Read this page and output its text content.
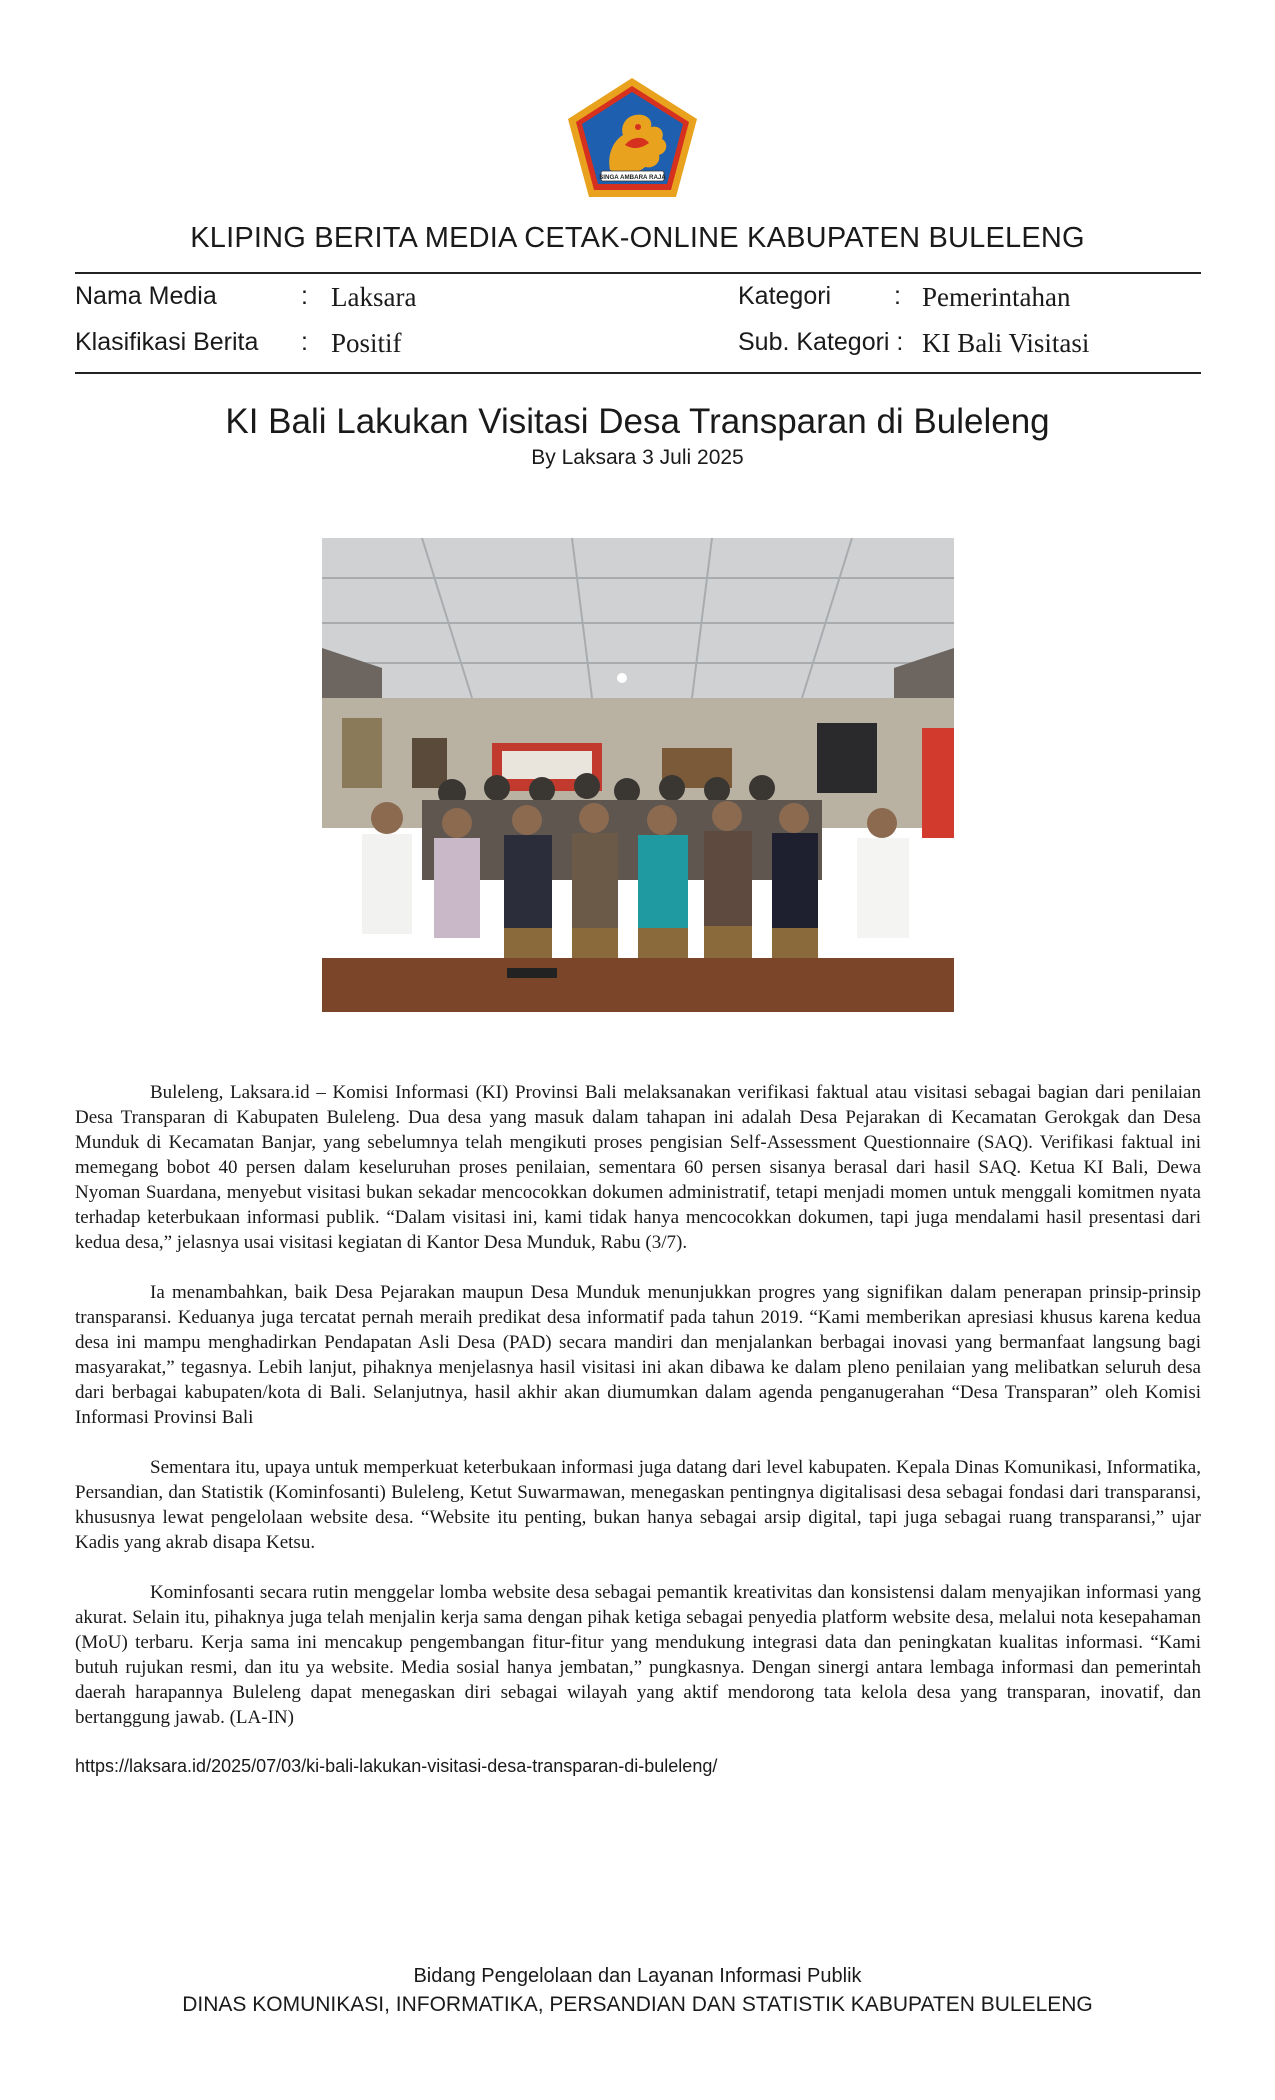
SINGA AMBARA RAJA
KLIPING BERITA MEDIA CETAK-ONLINE KABUPATEN BULELENG
Nama Media	: Laksara
Klasifikasi Berita : Positif
Kategori	: Pemerintahan
Sub. Kategori : KI Bali Visitasi
KI Bali Lakukan Visitasi Desa Transparan di Buleleng
By Laksara 3 Juli 2025

Buleleng, Laksara.id – Komisi Informasi (KI) Provinsi Bali melaksanakan verifikasi faktual atau visitasi sebagai bagian dari penilaian Desa Transparan di Kabupaten Buleleng. Dua desa yang masuk dalam tahapan ini adalah Desa Pejarakan di Kecamatan Gerokgak dan Desa Munduk di Kecamatan Banjar, yang sebelumnya telah mengikuti proses pengisian Self-Assessment Questionnaire (SAQ). Verifikasi faktual ini memegang bobot 40 persen dalam keseluruhan proses penilaian, sementara 60 persen sisanya berasal dari hasil SAQ. Ketua KI Bali, Dewa Nyoman Suardana, menyebut visitasi bukan sekadar mencocokkan dokumen administratif, tetapi menjadi momen untuk menggali komitmen nyata terhadap keterbukaan informasi publik. “Dalam visitasi ini, kami tidak hanya mencocokkan dokumen, tapi juga mendalami hasil presentasi dari kedua desa,” jelasnya usai visitasi kegiatan di Kantor Desa Munduk, Rabu (3/7).

Ia menambahkan, baik Desa Pejarakan maupun Desa Munduk menunjukkan progres yang signifikan dalam penerapan prinsip-prinsip transparansi. Keduanya juga tercatat pernah meraih predikat desa informatif pada tahun 2019. “Kami memberikan apresiasi khusus karena kedua desa ini mampu menghadirkan Pendapatan Asli Desa (PAD) secara mandiri dan menjalankan berbagai inovasi yang bermanfaat langsung bagi masyarakat,” tegasnya. Lebih lanjut, pihaknya menjelasnya hasil visitasi ini akan dibawa ke dalam pleno penilaian yang melibatkan seluruh desa dari berbagai kabupaten/kota di Bali. Selanjutnya, hasil akhir akan diumumkan dalam agenda penganugerahan “Desa Transparan” oleh Komisi Informasi Provinsi Bali

Sementara itu, upaya untuk memperkuat keterbukaan informasi juga datang dari level kabupaten. Kepala Dinas Komunikasi, Informatika, Persandian, dan Statistik (Kominfosanti) Buleleng, Ketut Suwarmawan, menegaskan pentingnya digitalisasi desa sebagai fondasi dari transparansi, khususnya lewat pengelolaan website desa. “Website itu penting, bukan hanya sebagai arsip digital, tapi juga sebagai ruang transparansi,” ujar Kadis yang akrab disapa Ketsu.

Kominfosanti secara rutin menggelar lomba website desa sebagai pemantik kreativitas dan konsistensi dalam menyajikan informasi yang akurat. Selain itu, pihaknya juga telah menjalin kerja sama dengan pihak ketiga sebagai penyedia platform website desa, melalui nota kesepahaman (MoU) terbaru. Kerja sama ini mencakup pengembangan fitur-fitur yang mendukung integrasi data dan peningkatan kualitas informasi. “Kami butuh rujukan resmi, dan itu ya website. Media sosial hanya jembatan,” pungkasnya. Dengan sinergi antara lembaga informasi dan pemerintah daerah harapannya Buleleng dapat menegaskan diri sebagai wilayah yang aktif mendorong tata kelola desa yang transparan, inovatif, dan bertanggung jawab. (LA-IN)

https://laksara.id/2025/07/03/ki-bali-lakukan-visitasi-desa-transparan-di-buleleng/
Bidang Pengelolaan dan Layanan Informasi Publik
DINAS KOMUNIKASI, INFORMATIKA, PERSANDIAN DAN STATISTIK KABUPATEN BULELENG
